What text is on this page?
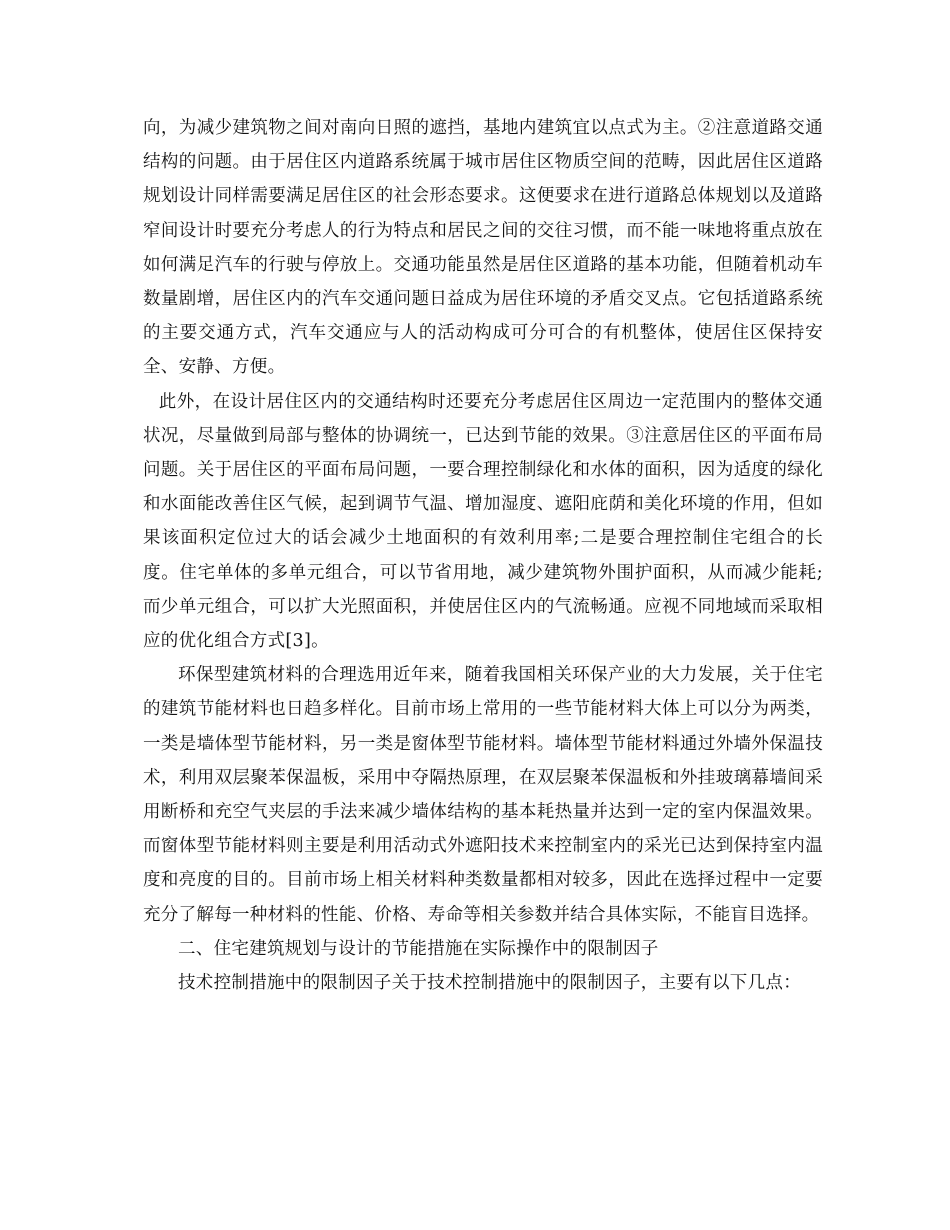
向，为减少建筑物之间对南向日照的遮挡，基地内建筑宜以点式为主。②注意道路交通结构的问题。由于居住区内道路系统属于城市居住区物质空间的范畴，因此居住区道路规划设计同样需要满足居住区的社会形态要求。这便要求在进行道路总体规划以及道路窄间设计时要充分考虑人的行为特点和居民之间的交往习惯，而不能一味地将重点放在如何满足汽车的行驶与停放上。交通功能虽然是居住区道路的基本功能，但随着机动车数量剧增，居住区内的汽车交通问题日益成为居住环境的矛盾交叉点。它包括道路系统的主要交通方式，汽车交通应与人的活动构成可分可合的有机整体，使居住区保持安全、安静、方便。

此外，在设计居住区内的交通结构时还要充分考虑居住区周边一定范围内的整体交通状况，尽量做到局部与整体的协调统一，已达到节能的效果。③注意居住区的平面布局问题。关于居住区的平面布局问题，一要合理控制绿化和水体的面积，因为适度的绿化和水面能改善住区气候，起到调节气温、增加湿度、遮阳庇荫和美化环境的作用，但如果该面积定位过大的话会减少土地面积的有效利用率;二是要合理控制住宅组合的长度。住宅单体的多单元组合，可以节省用地，减少建筑物外围护面积，从而减少能耗;而少单元组合，可以扩大光照面积，并使居住区内的气流畅通。应视不同地域而采取相应的优化组合方式[3]。

环保型建筑材料的合理选用近年来，随着我国相关环保产业的大力发展，关于住宅的建筑节能材料也日趋多样化。目前市场上常用的一些节能材料大体上可以分为两类，一类是墙体型节能材料，另一类是窗体型节能材料。墙体型节能材料通过外墙外保温技术，利用双层聚苯保温板，采用中夺隔热原理，在双层聚苯保温板和外挂玻璃幕墙间采用断桥和充空气夹层的手法来减少墙体结构的基本耗热量并达到一定的室内保温效果。而窗体型节能材料则主要是利用活动式外遮阳技术来控制室内的采光已达到保持室内温度和亮度的目的。目前市场上相关材料种类数量都相对较多，因此在选择过程中一定要充分了解每一种材料的性能、价格、寿命等相关参数并结合具体实际，不能盲目选择。

二、住宅建筑规划与设计的节能措施在实际操作中的限制因子

技术控制措施中的限制因子关于技术控制措施中的限制因子，主要有以下几点：
